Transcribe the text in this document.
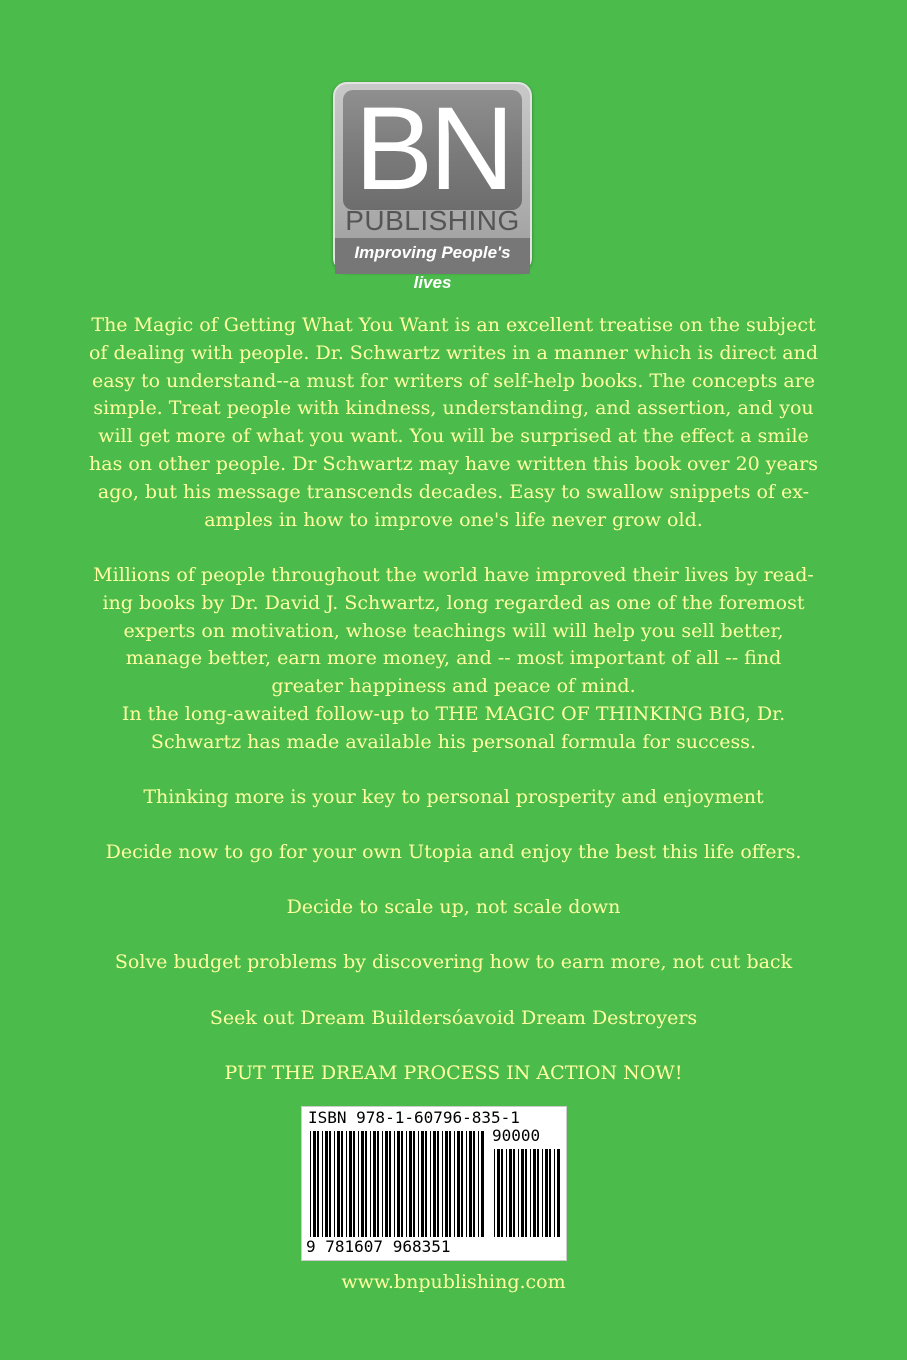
BN
PUBLISHING
Improving People's lives

The Magic of Getting What You Want is an excellent treatise on the subject
of dealing with people. Dr. Schwartz writes in a manner which is direct and
easy to understand--a must for writers of self-help books. The concepts are
simple. Treat people with kindness, understanding, and assertion, and you
will get more of what you want. You will be surprised at the effect a smile
has on other people. Dr Schwartz may have written this book over 20 years
ago, but his message transcends decades. Easy to swallow snippets of ex-
amples in how to improve one's life never grow old.

Millions of people throughout the world have improved their lives by read-
ing books by Dr. David J. Schwartz, long regarded as one of the foremost
experts on motivation, whose teachings will will help you sell better,
manage better, earn more money, and -- most important of all -- find
greater happiness and peace of mind.
In the long-awaited follow-up to THE MAGIC OF THINKING BIG, Dr.
Schwartz has made available his personal formula for success.

Thinking more is your key to personal prosperity and enjoyment

Decide now to go for your own Utopia and enjoy the best this life offers.

Decide to scale up, not scale down

Solve budget problems by discovering how to earn more, not cut back

Seek out Dream Buildersóavoid Dream Destroyers

PUT THE DREAM PROCESS IN ACTION NOW!

ISBN 978-1-60796-835-1
90000
9 781607 968351

www.bnpublishing.com
